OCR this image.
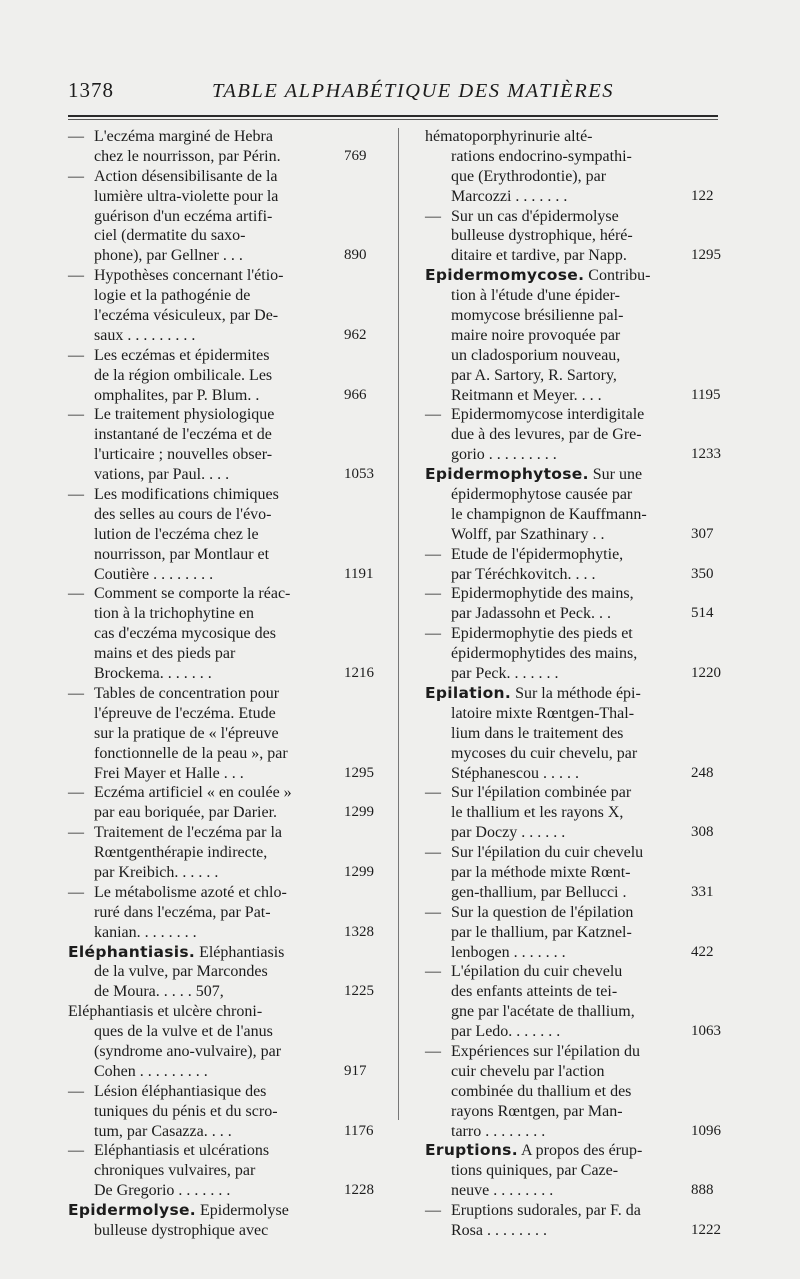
1378	TABLE ALPHABÉTIQUE DES MATIÈRES
— L'eczéma marginé de Hebra
chez le nourrisson, par Périn.	769
— Action désensibilisante de la
lumière ultra-violette pour la
guérison d'un eczéma artifi-
ciel (dermatite du saxo-
phone), par Gellner . . .	890
— Hypothèses concernant l'étio-
logie et la pathogénie de
l'eczéma vésiculeux, par De-
saux . . . . . . . . .	962
— Les eczémas et épidermites
de la région ombilicale. Les
omphalites, par P. Blum. .	966
— Le traitement physiologique
instantané de l'eczéma et de
l'urticaire ; nouvelles obser-
vations, par Paul. . . .	1053
— Les modifications chimiques
des selles au cours de l'évo-
lution de l'eczéma chez le
nourrisson, par Montlaur et
Coutière . . . . . . . .	1191
— Comment se comporte la réac-
tion à la trichophytine en
cas d'eczéma mycosique des
mains et des pieds par
Brockema. . . . . . .	1216
— Tables de concentration pour
l'épreuve de l'eczéma. Etude
sur la pratique de « l'épreuve
fonctionnelle de la peau », par
Frei Mayer et Halle . . .	1295
— Eczéma artificiel « en coulée »
par eau boriquée, par Darier.	1299
— Traitement de l'eczéma par la
Rœntgenthérapie indirecte,
par Kreibich. . . . . .	1299
— Le métabolisme azoté et chlo-
ruré dans l'eczéma, par Pat-
kanian. . . . . . . .	1328
Eléphantiasis. Eléphantiasis
de la vulve, par Marcondes
de Moura. . . . . 507,	1225
Eléphantiasis et ulcère chroni-
ques de la vulve et de l'anus
(syndrome ano-vulvaire), par
Cohen . . . . . . . . .	917
— Lésion éléphantiasique des
tuniques du pénis et du scro-
tum, par Casazza. . . .	1176
— Eléphantiasis et ulcérations
chroniques vulvaires, par
De Gregorio . . . . . . .	1228
Epidermolyse. Epidermolyse
bulleuse dystrophique avec
hématoporphyrinurie alté-
rations endocrino-sympathi-
que (Erythrodontie), par
Marcozzi . . . . . . .	122
— Sur un cas d'épidermolyse
bulleuse dystrophique, héré-
ditaire et tardive, par Napp.	1295
Epidermomycose. Contribu-
tion à l'étude d'une épider-
momycose brésilienne pal-
maire noire provoquée par
un cladosporium nouveau,
par A. Sartory, R. Sartory,
Reitmann et Meyer. . . .	1195
— Epidermomycose interdigitale
due à des levures, par de Gre-
gorio . . . . . . . . .	1233
Epidermophytose. Sur une
épidermophytose causée par
le champignon de Kauffmann-
Wolff, par Szathinary . .	307
— Etude de l'épidermophytie,
par Téréchkovitch. . . .	350
— Epidermophytide des mains,
par Jadassohn et Peck. . .	514
— Epidermophytie des pieds et
épidermophytides des mains,
par Peck. . . . . . .	1220
Epilation. Sur la méthode épi-
latoire mixte Rœntgen-Thal-
lium dans le traitement des
mycoses du cuir chevelu, par
Stéphanescou . . . . .	248
— Sur l'épilation combinée par
le thallium et les rayons X,
par Doczy . . . . . .	308
— Sur l'épilation du cuir chevelu
par la méthode mixte Rœnt-
gen-thallium, par Bellucci .	331
— Sur la question de l'épilation
par le thallium, par Katznel-
lenbogen . . . . . . .	422
— L'épilation du cuir chevelu
des enfants atteints de tei-
gne par l'acétate de thallium,
par Ledo. . . . . . .	1063
— Expériences sur l'épilation du
cuir chevelu par l'action
combinée du thallium et des
rayons Rœntgen, par Man-
tarro . . . . . . . .	1096
Eruptions. A propos des érup-
tions quiniques, par Caze-
neuve . . . . . . . .	888
— Eruptions sudorales, par F. da
Rosa . . . . . . . .	1222
